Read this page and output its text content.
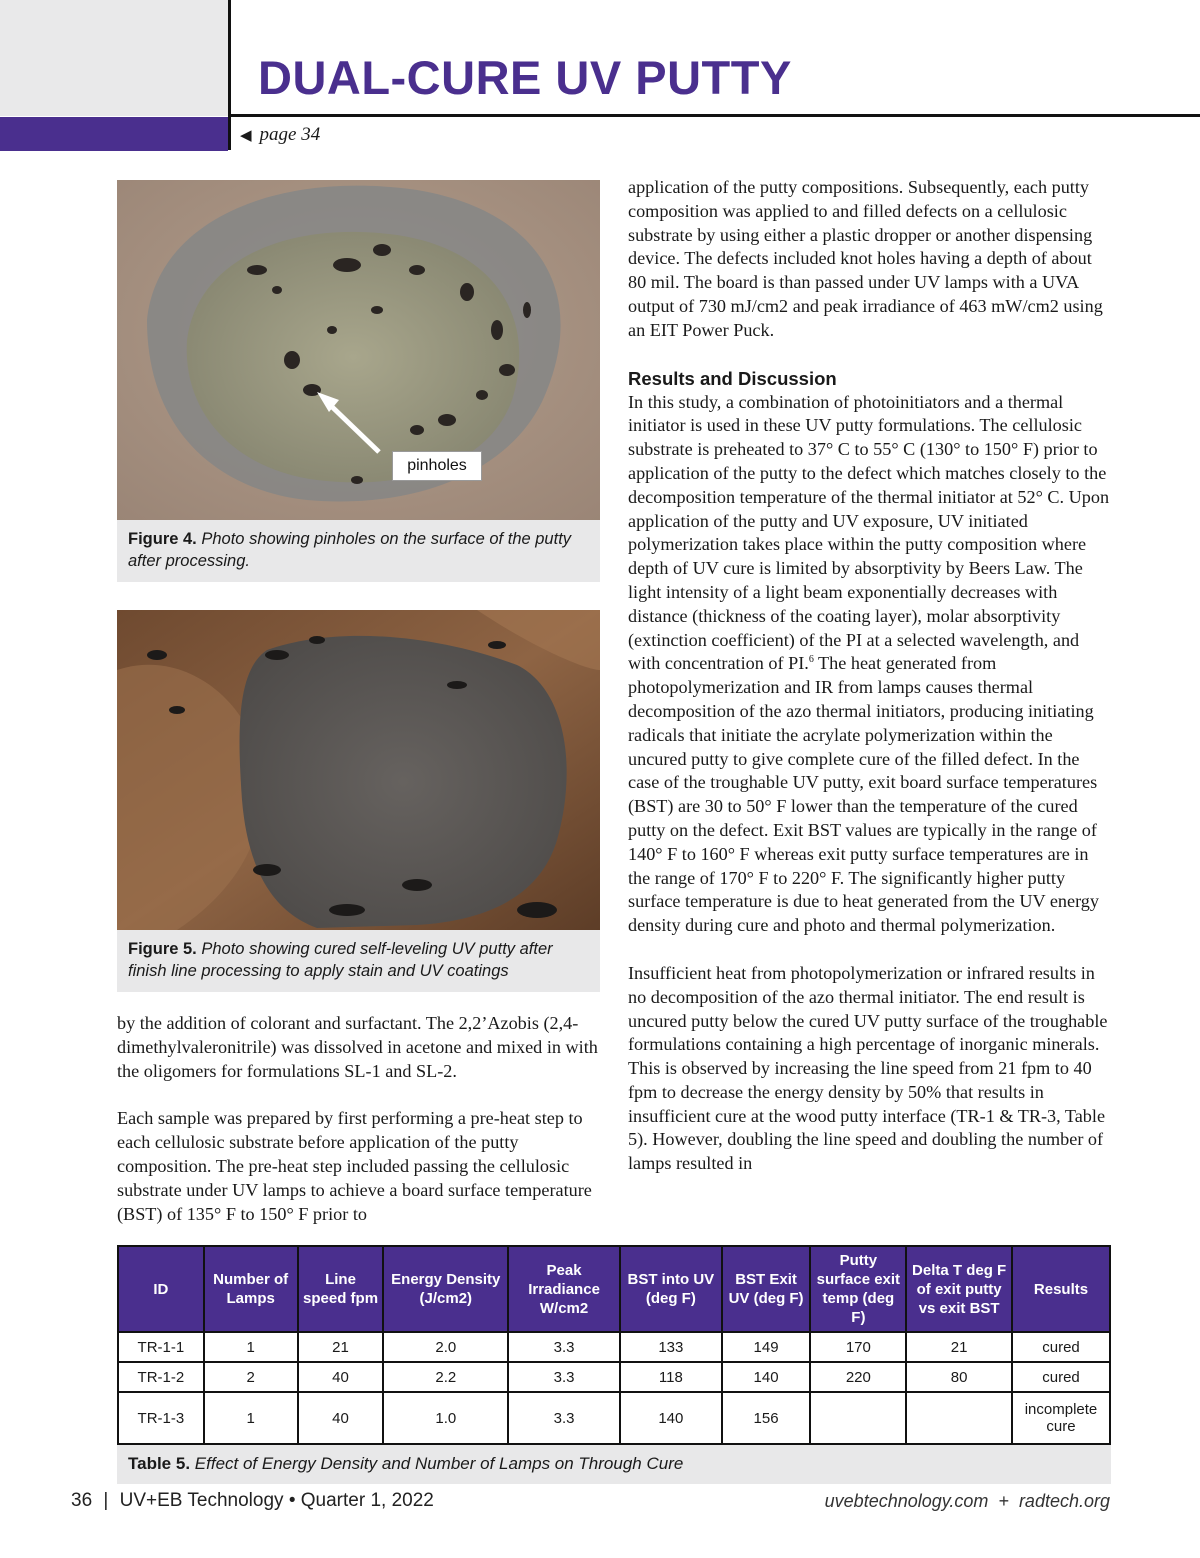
DUAL-CURE UV PUTTY
◀ page 34
pinholes
Figure 4. Photo showing pinholes on the surface of the putty after processing.
Figure 5. Photo showing cured self-leveling UV putty after finish line processing to apply stain and UV coatings

by the addition of colorant and surfactant. The 2,2’Azobis (2,4- dimethylvaleronitrile) was dissolved in acetone and mixed in with the oligomers for formulations SL-1 and SL-2.

Each sample was prepared by first performing a pre-heat step to each cellulosic substrate before application of the putty composition. The pre-heat step included passing the cellulosic substrate under UV lamps to achieve a board surface temperature (BST) of 135° F to 150° F prior to

application of the putty compositions. Subsequently, each putty composition was applied to and filled defects on a cellulosic substrate by using either a plastic dropper or another dispensing device. The defects included knot holes having a depth of about 80 mil. The board is than passed under UV lamps with a UVA output of 730 mJ/cm2 and peak irradiance of 463 mW/cm2 using an EIT Power Puck.

Results and Discussion

In this study, a combination of photoinitiators and a thermal initiator is used in these UV putty formulations. The cellulosic substrate is preheated to 37° C to 55° C (130° to 150° F) prior to application of the putty to the defect which matches closely to the decomposition temperature of the thermal initiator at 52° C. Upon application of the putty and UV exposure, UV initiated polymerization takes place within the putty composition where depth of UV cure is limited by absorptivity by Beers Law. The light intensity of a light beam exponentially decreases with distance (thickness of the coating layer), molar absorptivity (extinction coefficient) of the PI at a selected wavelength, and with concentration of PI.$^6$ The heat generated from photopolymerization and IR from lamps causes thermal decomposition of the azo thermal initiators, producing initiating radicals that initiate the acrylate polymerization within the uncured putty to give complete cure of the filled defect. In the case of the troughable UV putty, exit board surface temperatures (BST) are 30 to 50° F lower than the temperature of the cured putty on the defect. Exit BST values are typically in the range of 140° F to 160° F whereas exit putty surface temperatures are in the range of 170° F to 220° F. The significantly higher putty surface temperature is due to heat generated from the UV energy density during cure and photo and thermal polymerization.

Insufficient heat from photopolymerization or infrared results in no decomposition of the azo thermal initiator. The end result is uncured putty below the cured UV putty surface of the troughable formulations containing a high percentage of inorganic minerals. This is observed by increasing the line speed from 21 fpm to 40 fpm to decrease the energy density by 50% that results in insufficient cure at the wood putty interface (TR-1 & TR-3, Table 5). However, doubling the line speed and doubling the number of lamps resulted in

ID	Number of Lamps	Line speed fpm	Energy Density (J/cm2)	Peak Irradiance W/cm2	BST into UV (deg F)	BST Exit UV (deg F)	Putty surface exit temp (deg F)	Delta T deg F of exit putty vs exit BST	Results
TR-1-1	1	21	2.0	3.3	133	149	170	21	cured
TR-1-2	2	40	2.2	3.3	118	140	220	80	cured
TR-1-3	1	40	1.0	3.3	140	156			incomplete cure
Table 5. Effect of Energy Density and Number of Lamps on Through Cure
36 | UV+EB Technology • Quarter 1, 2022	uvebtechnology.com  +  radtech.org
